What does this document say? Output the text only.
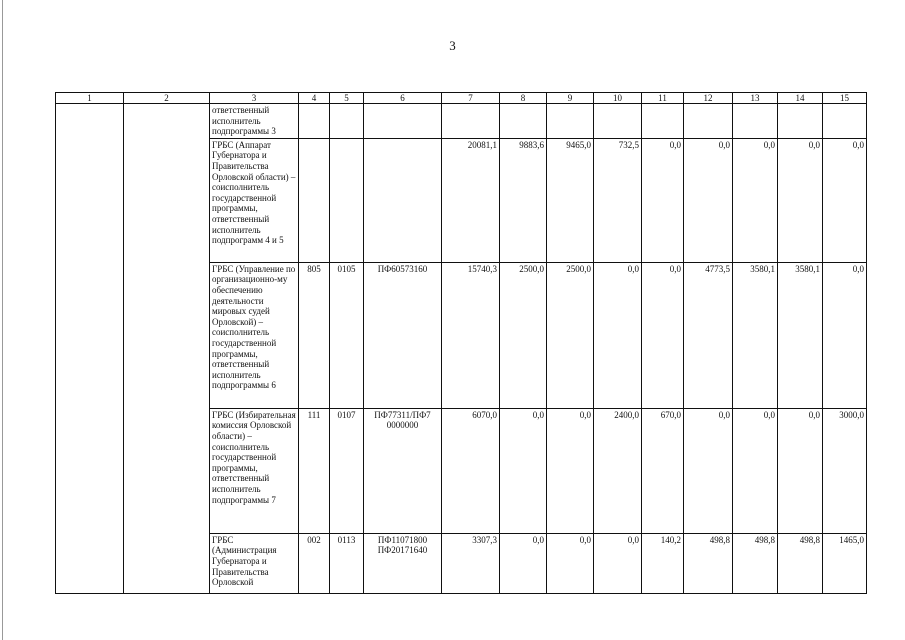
3
1	2	3	4	5	6	7	8	9	10	11	12	13	14	15
		ответственный исполнитель подпрограммы 3												
		ГРБС (Аппарат Губернатора и Правительства Орловской области) – соисполнитель государственной программы, ответственный исполнитель подпрограмм 4 и 5				20081,1	9883,6	9465,0	732,5	0,0	0,0	0,0	0,0	0,0
		ГРБС (Управление по организационно-му обеспечению деятельности мировых судей Орловской) – соисполнитель государственной программы, ответственный исполнитель подпрограммы 6	805	0105	ПФ60573160	15740,3	2500,0	2500,0	0,0	0,0	4773,5	3580,1	3580,1	0,0
		ГРБС (Избирательная комиссия Орловской области) – соисполнитель государственной программы, ответственный исполнитель подпрограммы 7	111	0107	ПФ77311/ПФ7 0000000	6070,0	0,0	0,0	2400,0	670,0	0,0	0,0	0,0	3000,0
		ГРБС (Администрация Губернатора и Правительства Орловской	002	0113	ПФ11071800 ПФ20171640	3307,3	0,0	0,0	0,0	140,2	498,8	498,8	498,8	1465,0
